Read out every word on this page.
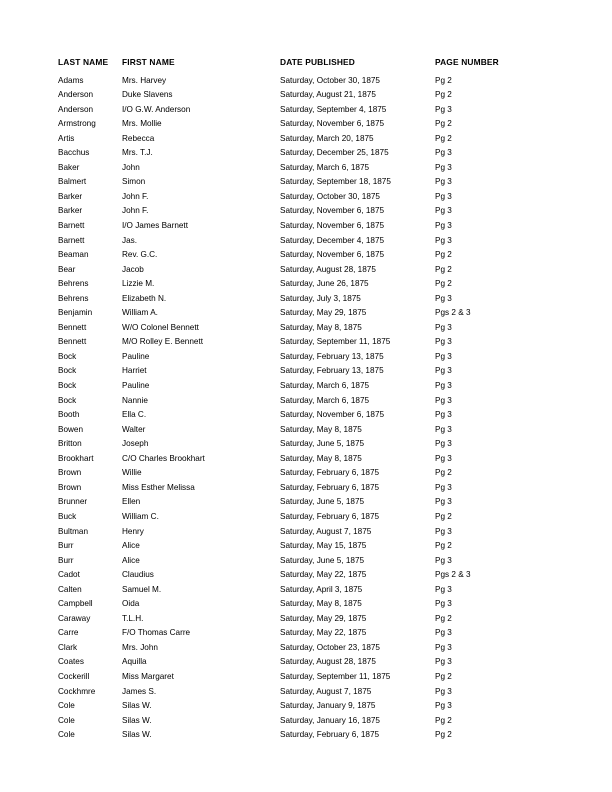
LAST NAME	FIRST NAME	DATE PUBLISHED	PAGE NUMBER
Adams	Mrs. Harvey	Saturday, October 30, 1875	Pg 2
Anderson	Duke Slavens	Saturday, August 21, 1875	Pg 2
Anderson	I/O G.W. Anderson	Saturday, September 4, 1875	Pg 3
Armstrong	Mrs. Mollie	Saturday, November 6, 1875	Pg 2
Artis	Rebecca	Saturday, March 20, 1875	Pg 2
Bacchus	Mrs. T.J.	Saturday, December 25, 1875	Pg 3
Baker	John	Saturday, March 6, 1875	Pg 3
Balmert	Simon	Saturday, September 18, 1875	Pg 3
Barker	John F.	Saturday, October 30, 1875	Pg 3
Barker	John F.	Saturday, November 6, 1875	Pg 3
Barnett	I/O James Barnett	Saturday, November 6, 1875	Pg 3
Barnett	Jas.	Saturday, December 4, 1875	Pg 3
Beaman	Rev. G.C.	Saturday, November 6, 1875	Pg 2
Bear	Jacob	Saturday, August 28, 1875	Pg 2
Behrens	Lizzie M.	Saturday, June 26, 1875	Pg 2
Behrens	Elizabeth N.	Saturday, July 3, 1875	Pg 3
Benjamin	William A.	Saturday, May 29, 1875	Pgs 2 & 3
Bennett	W/O Colonel Bennett	Saturday, May 8, 1875	Pg 3
Bennett	M/O Rolley E. Bennett	Saturday, September 11, 1875	Pg 3
Bock	Pauline	Saturday, February 13, 1875	Pg 3
Bock	Harriet	Saturday, February 13, 1875	Pg 3
Bock	Pauline	Saturday, March 6, 1875	Pg 3
Bock	Nannie	Saturday, March 6, 1875	Pg 3
Booth	Ella C.	Saturday, November 6, 1875	Pg 3
Bowen	Walter	Saturday, May 8, 1875	Pg 3
Britton	Joseph	Saturday, June 5, 1875	Pg 3
Brookhart	C/O Charles Brookhart	Saturday, May 8, 1875	Pg 3
Brown	Willie	Saturday, February 6, 1875	Pg 2
Brown	Miss Esther Melissa	Saturday, February 6, 1875	Pg 3
Brunner	Ellen	Saturday, June 5, 1875	Pg 3
Buck	William C.	Saturday, February 6, 1875	Pg 2
Bultman	Henry	Saturday, August 7, 1875	Pg 3
Burr	Alice	Saturday, May 15, 1875	Pg 2
Burr	Alice	Saturday, June 5, 1875	Pg 3
Cadot	Claudius	Saturday, May 22, 1875	Pgs 2 & 3
Calten	Samuel M.	Saturday, April 3, 1875	Pg 3
Campbell	Oida	Saturday, May 8, 1875	Pg 3
Caraway	T.L.H.	Saturday, May 29, 1875	Pg 2
Carre	F/O Thomas Carre	Saturday, May 22, 1875	Pg 3
Clark	Mrs. John	Saturday, October 23, 1875	Pg 3
Coates	Aquilla	Saturday, August 28, 1875	Pg 3
Cockerill	Miss Margaret	Saturday, September 11, 1875	Pg 2
Cockhmre	James S.	Saturday, August 7, 1875	Pg 3
Cole	Silas W.	Saturday, January 9, 1875	Pg 3
Cole	Silas W.	Saturday, January 16, 1875	Pg 2
Cole	Silas W.	Saturday, February 6, 1875	Pg 2
